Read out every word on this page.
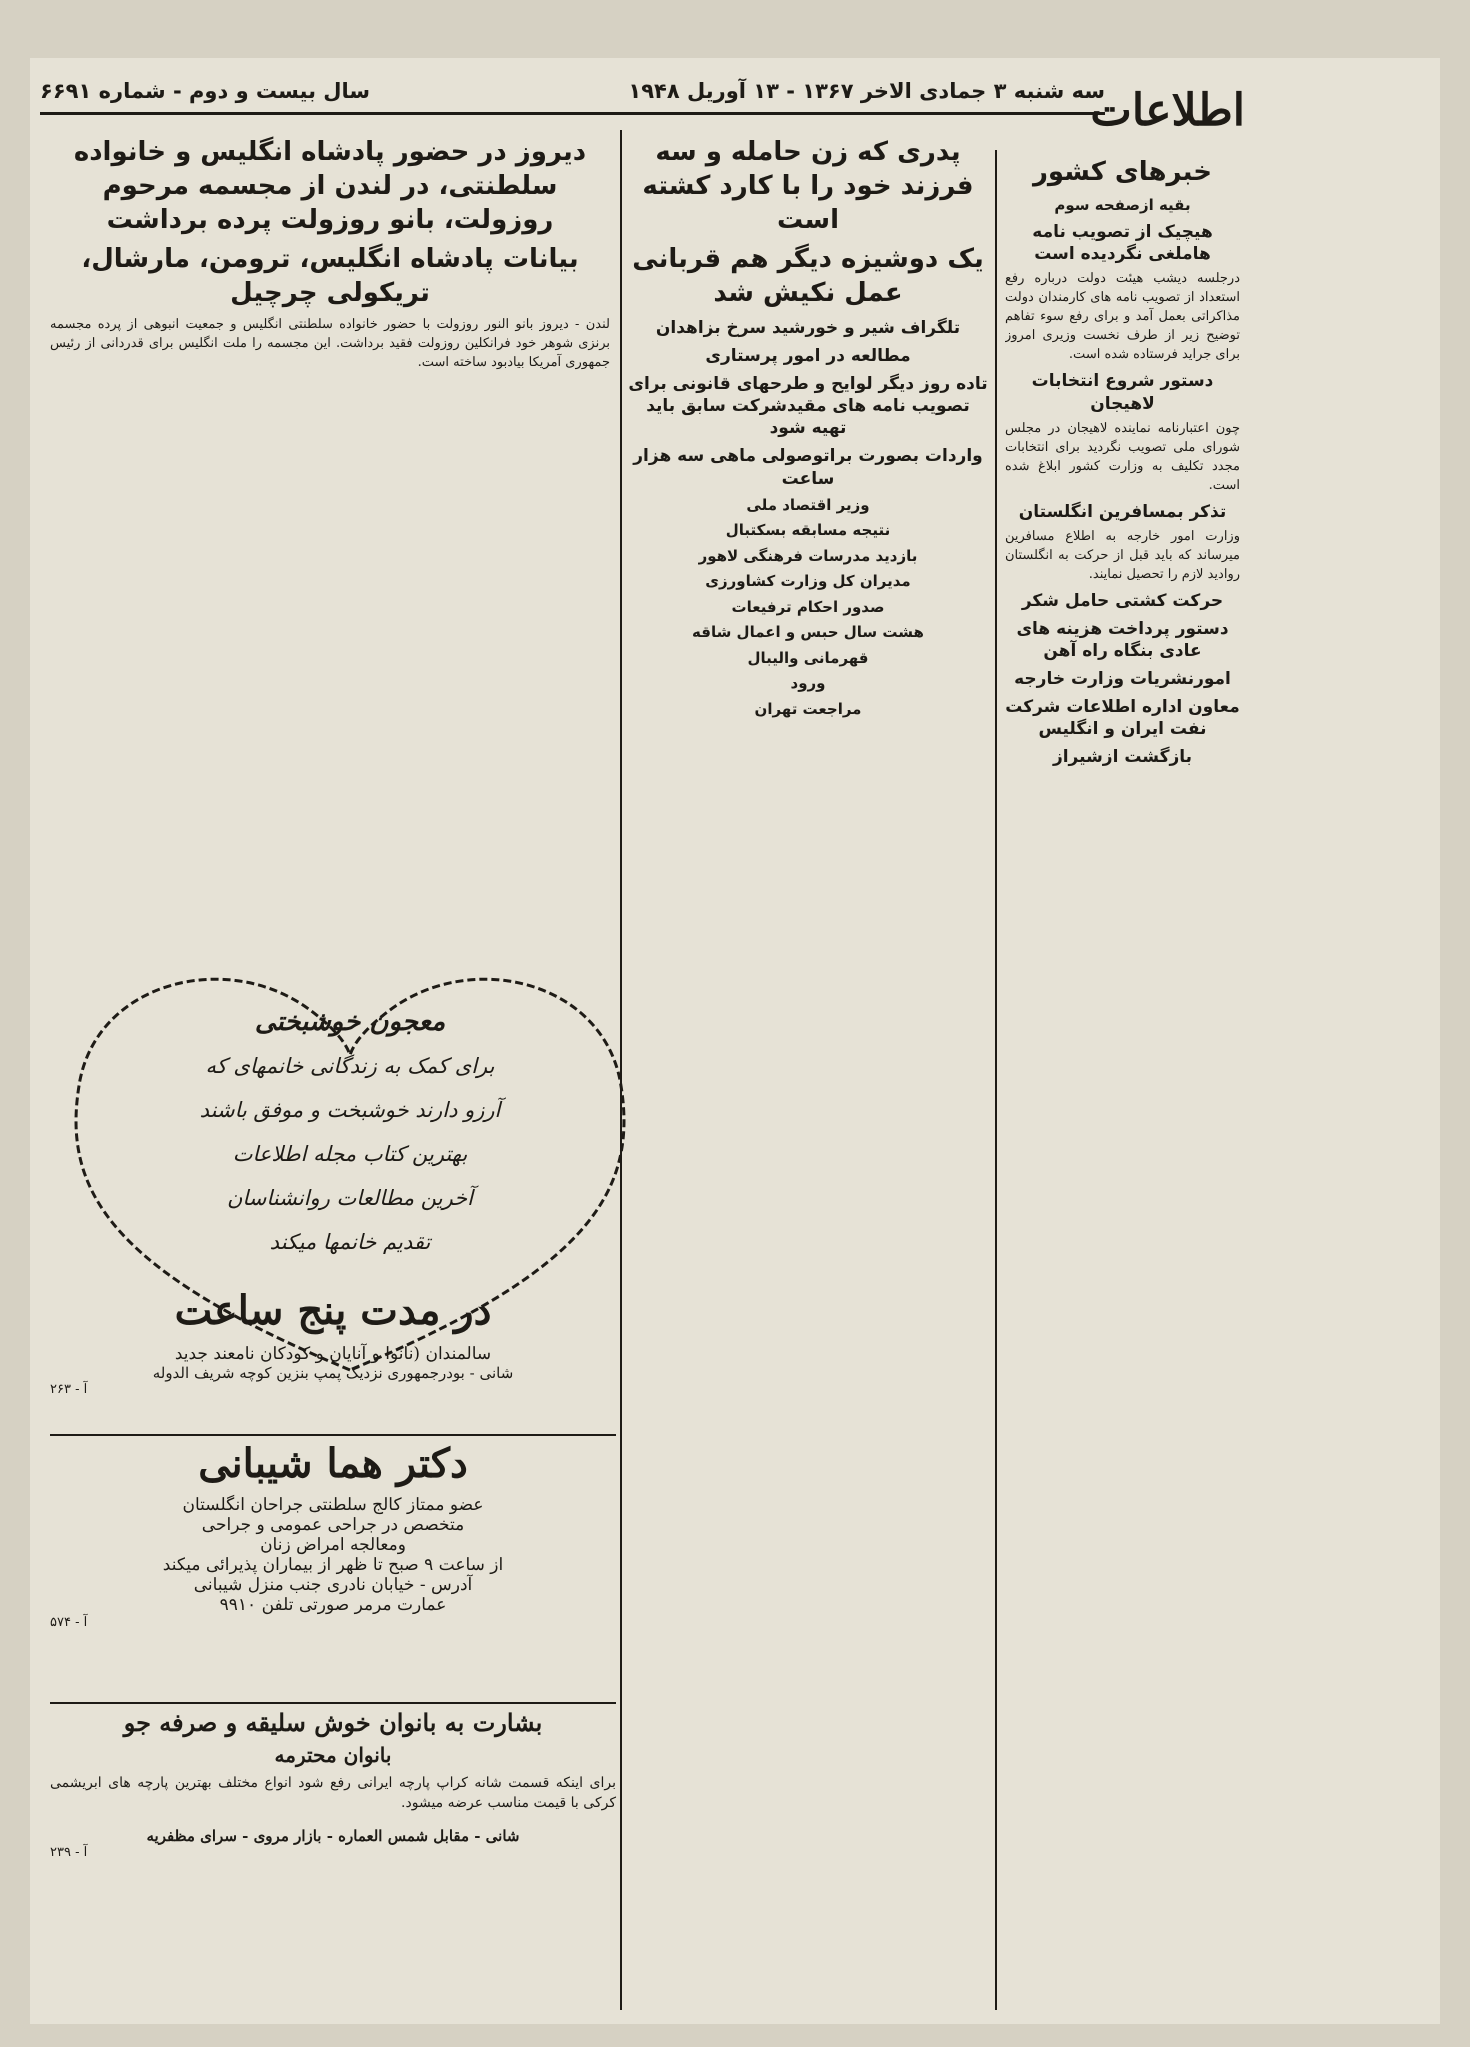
سه شنبه ۳ جمادی الاخر ۱۳۶۷ - ۱۳ آوریل ۱۹۴۸
سال بیست و دوم - شماره ۶۶۹۱	اطلاعات
خبرهای کشور
بقیه ازصفحه سوم
هیچیک از تصویب نامه هاملغی نگردیده است

درجلسه دیشب هیئت دولت درباره رفع استعداد از تصویب نامه های کارمندان دولت مذاکراتی بعمل آمد و برای رفع سوء تفاهم توضیح زیر از طرف نخست وزیری امروز برای جراید فرستاده شده است.

دستور شروع انتخابات لاهیجان

چون اعتبارنامه نماینده لاهیجان در مجلس شورای ملی تصویب نگردید برای انتخابات مجدد تکلیف به وزارت کشور ابلاغ شده است.

تذکر بمسافرین انگلستان

وزارت امور خارجه به اطلاع مسافرین میرساند که باید قبل از حرکت به انگلستان روادید لازم را تحصیل نمایند.

حرکت کشتی حامل شکر
دستور پرداخت هزینه های عادی بنگاه راه آهن
امورنشریات وزارت خارجه
معاون اداره اطلاعات شرکت نفت ایران و انگلیس
بازگشت ازشیراز
پدری که زن حامله و سه فرزند خود را با کارد کشته است
یک دوشیزه دیگر هم قربانی عمل نکیش شد
تلگراف شیر و خورشید سرخ بزاهدان
مطالعه در امور پرستاری
تاده روز دیگر لوایح و طرحهای قانونی برای تصویب نامه های مقیدشرکت سابق باید تهیه شود
واردات بصورت براتوصولی ماهی سه هزار ساعت
وزیر اقتصاد ملی
نتیجه مسابقه بسکتبال
بازدید مدرسات فرهنگی لاهور
مدیران کل وزارت کشاورزی
صدور احکام ترفیعات
هشت سال حبس و اعمال شاقه
قهرمانی والیبال
ورود
مراجعت تهران
دیروز در حضور پادشاه انگلیس و خانواده سلطنتی، در لندن از مجسمه مرحوم روزولت، بانو روزولت پرده برداشت
بیانات پادشاه انگلیس، ترومن، مارشال، تریکولی چرچیل

لندن - دیروز بانو النور روزولت با حضور خانواده سلطنتی انگلیس و جمعیت انبوهی از پرده مجسمه برنزی شوهر خود فرانکلین روزولت فقید برداشت. این مجسمه را ملت انگلیس برای قدردانی از رئیس جمهوری آمریکا بیادبود ساخته است.

معجون خوشبختی
برای کمک به زندگانی خانمهای که
آرزو دارند خوشبخت و موفق باشند
بهترین کتاب مجله اطلاعات
آخرین مطالعات روانشناسان
تقدیم خانمها میکند
در مدت پنج ساعت
سالمندان (نانوا و آنایان و کودکان نامعند جدید
شانی - بودرجمهوری نزدیک پمپ بنزین کوچه شریف الدوله
آ - ۲۶۳
دکتر هما شیبانی
عضو ممتاز کالج سلطنتی جراحان انگلستان
متخصص در جراحی عمومی و جراحی
ومعالجه امراض زنان
از ساعت ۹ صبح تا ظهر از بیماران پذیرائی میکند
آدرس - خیابان نادری جنب منزل شیبانی
عمارت مرمر صورتی تلفن ۹۹۱۰
آ - ۵۷۴
بشارت به بانوان خوش سلیقه و صرفه جو
بانوان محترمه
برای اینکه قسمت شانه کراپ پارچه ایرانی رفع شود انواع مختلف بهترین پارچه های ابریشمی کرکی با قیمت مناسب عرضه میشود.
شانی - مقابل شمس العماره - بازار مروی - سرای مظفریه
آ - ۲۳۹
